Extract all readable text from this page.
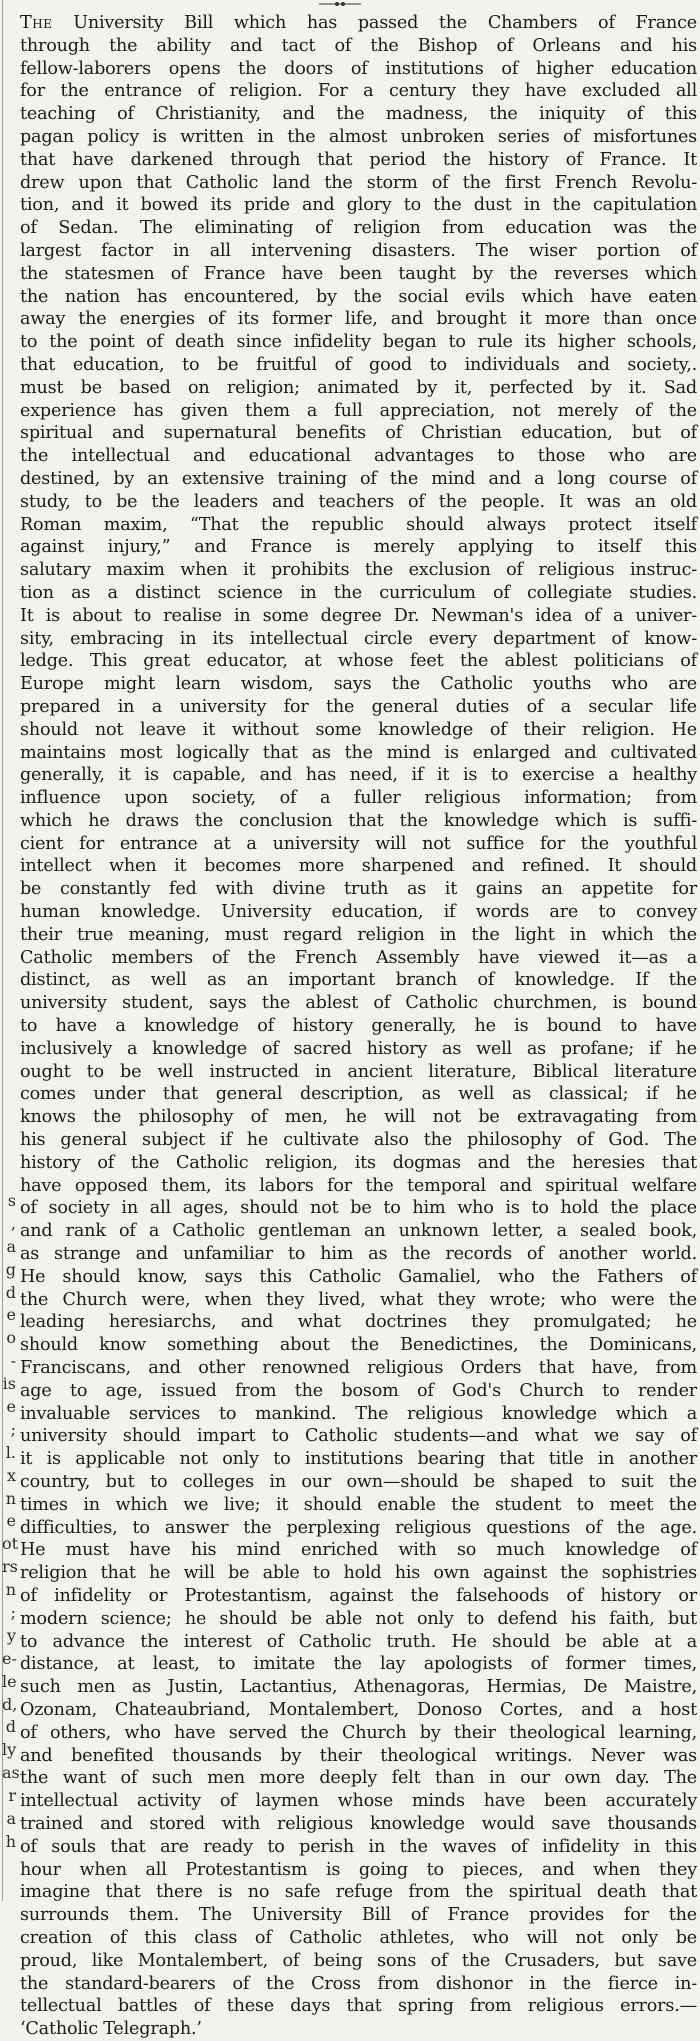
s
,
a
g
d
e
o
-
is
e
;
l.
x
n
e
ot
rs
n
;
y
e-
le
d,
d
ly
as
r
a
h
The University Bill which has passed the Chambers of France
through the ability and tact of the Bishop of Orleans and his
fellow-laborers opens the doors of institutions of higher education
for the entrance of religion. For a century they have excluded all
teaching of Christianity, and the madness, the iniquity of this
pagan policy is written in the almost unbroken series of misfortunes
that have darkened through that period the history of France. It
drew upon that Catholic land the storm of the first French Revolu-
tion, and it bowed its pride and glory to the dust in the capitulation
of Sedan. The eliminating of religion from education was the
largest factor in all intervening disasters. The wiser portion of
the statesmen of France have been taught by the reverses which
the nation has encountered, by the social evils which have eaten
away the energies of its former life, and brought it more than once
to the point of death since infidelity began to rule its higher schools,
that education, to be fruitful of good to individuals and society,.
must be based on religion; animated by it, perfected by it. Sad
experience has given them a full appreciation, not merely of the
spiritual and supernatural benefits of Christian education, but of
the intellectual and educational advantages to those who are
destined, by an extensive training of the mind and a long course of
study, to be the leaders and teachers of the people. It was an old
Roman maxim, “That the republic should always protect itself
against injury,” and France is merely applying to itself this
salutary maxim when it prohibits the exclusion of religious instruc-
tion as a distinct science in the curriculum of collegiate studies.
It is about to realise in some degree Dr. Newman's idea of a univer-
sity, embracing in its intellectual circle every department of know-
ledge. This great educator, at whose feet the ablest politicians of
Europe might learn wisdom, says the Catholic youths who are
prepared in a university for the general duties of a secular life
should not leave it without some knowledge of their religion. He
maintains most logically that as the mind is enlarged and cultivated
generally, it is capable, and has need, if it is to exercise a healthy
influence upon society, of a fuller religious information; from
which he draws the conclusion that the knowledge which is suffi-
cient for entrance at a university will not suffice for the youthful
intellect when it becomes more sharpened and refined. It should
be constantly fed with divine truth as it gains an appetite for
human knowledge. University education, if words are to convey
their true meaning, must regard religion in the light in which the
Catholic members of the French Assembly have viewed it—as a
distinct, as well as an important branch of knowledge. If the
university student, says the ablest of Catholic churchmen, is bound
to have a knowledge of history generally, he is bound to have
inclusively a knowledge of sacred history as well as profane; if he
ought to be well instructed in ancient literature, Biblical literature
comes under that general description, as well as classical; if he
knows the philosophy of men, he will not be extravagating from
his general subject if he cultivate also the philosophy of God. The
history of the Catholic religion, its dogmas and the heresies that
have opposed them, its labors for the temporal and spiritual welfare
of society in all ages, should not be to him who is to hold the place
and rank of a Catholic gentleman an unknown letter, a sealed book,
as strange and unfamiliar to him as the records of another world.
He should know, says this Catholic Gamaliel, who the Fathers of
the Church were, when they lived, what they wrote; who were the
leading heresiarchs, and what doctrines they promulgated; he
should know something about the Benedictines, the Dominicans,
Franciscans, and other renowned religious Orders that have, from
age to age, issued from the bosom of God's Church to render
invaluable services to mankind. The religious knowledge which a
university should impart to Catholic students—and what we say of
it is applicable not only to institutions bearing that title in another
country, but to colleges in our own—should be shaped to suit the
times in which we live; it should enable the student to meet the
difficulties, to answer the perplexing religious questions of the age.
He must have his mind enriched with so much knowledge of
religion that he will be able to hold his own against the sophistries
of infidelity or Protestantism, against the falsehoods of history or
modern science; he should be able not only to defend his faith, but
to advance the interest of Catholic truth. He should be able at a
distance, at least, to imitate the lay apologists of former times,
such men as Justin, Lactantius, Athenagoras, Hermias, De Maistre,
Ozonam, Chateaubriand, Montalembert, Donoso Cortes, and a host
of others, who have served the Church by their theological learning,
and benefited thousands by their theological writings. Never was
the want of such men more deeply felt than in our own day. The
intellectual activity of laymen whose minds have been accurately
trained and stored with religious knowledge would save thousands
of souls that are ready to perish in the waves of infidelity in this
hour when all Protestantism is going to pieces, and when they
imagine that there is no safe refuge from the spiritual death that
surrounds them. The University Bill of France provides for the
creation of this class of Catholic athletes, who will not only be
proud, like Montalembert, of being sons of the Crusaders, but save
the standard-bearers of the Cross from dishonor in the fierce in-
tellectual battles of these days that spring from religious errors.—
‘Catholic Telegraph.’
